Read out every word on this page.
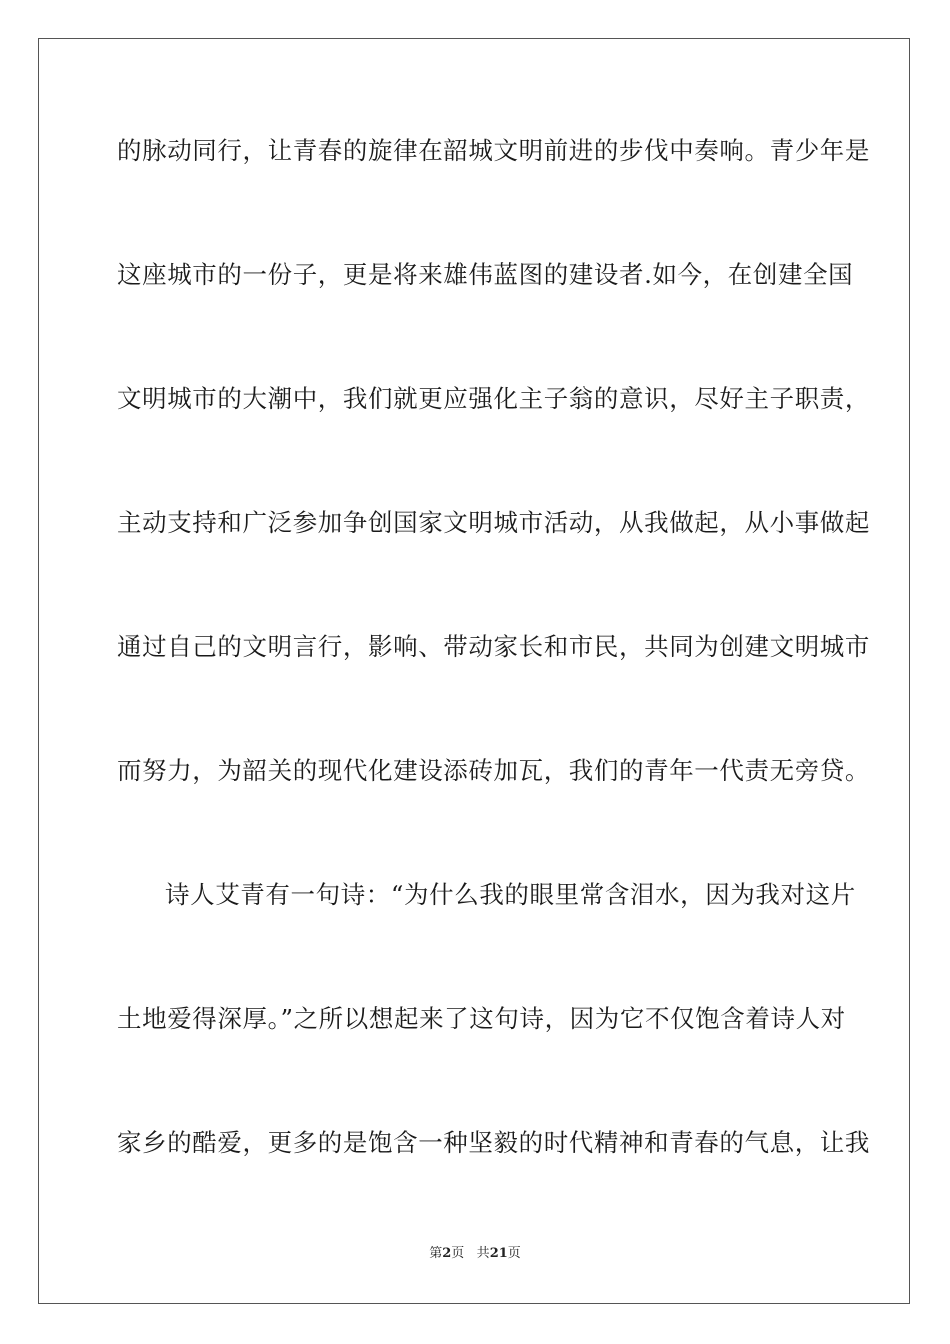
的脉动同行，让青春的旋律在韶城文明前进的步伐中奏响。青少年是
这座城市的一份子，更是将来雄伟蓝图的建设者.如今，在创建全国
文明城市的大潮中，我们就更应强化主子翁的意识，尽好主子职责，
主动支持和广泛参加争创国家文明城市活动，从我做起，从小事做起
通过自己的文明言行，影响、带动家长和市民，共同为创建文明城市
而努力，为韶关的现代化建设添砖加瓦，我们的青年一代责无旁贷。
诗人艾青有一句诗：“为什么我的眼里常含泪水，因为我对这片
土地爱得深厚。”之所以想起来了这句诗，因为它不仅饱含着诗人对
家乡的酷爱，更多的是饱含一种坚毅的时代精神和青春的气息，让我
第2页 共21页
